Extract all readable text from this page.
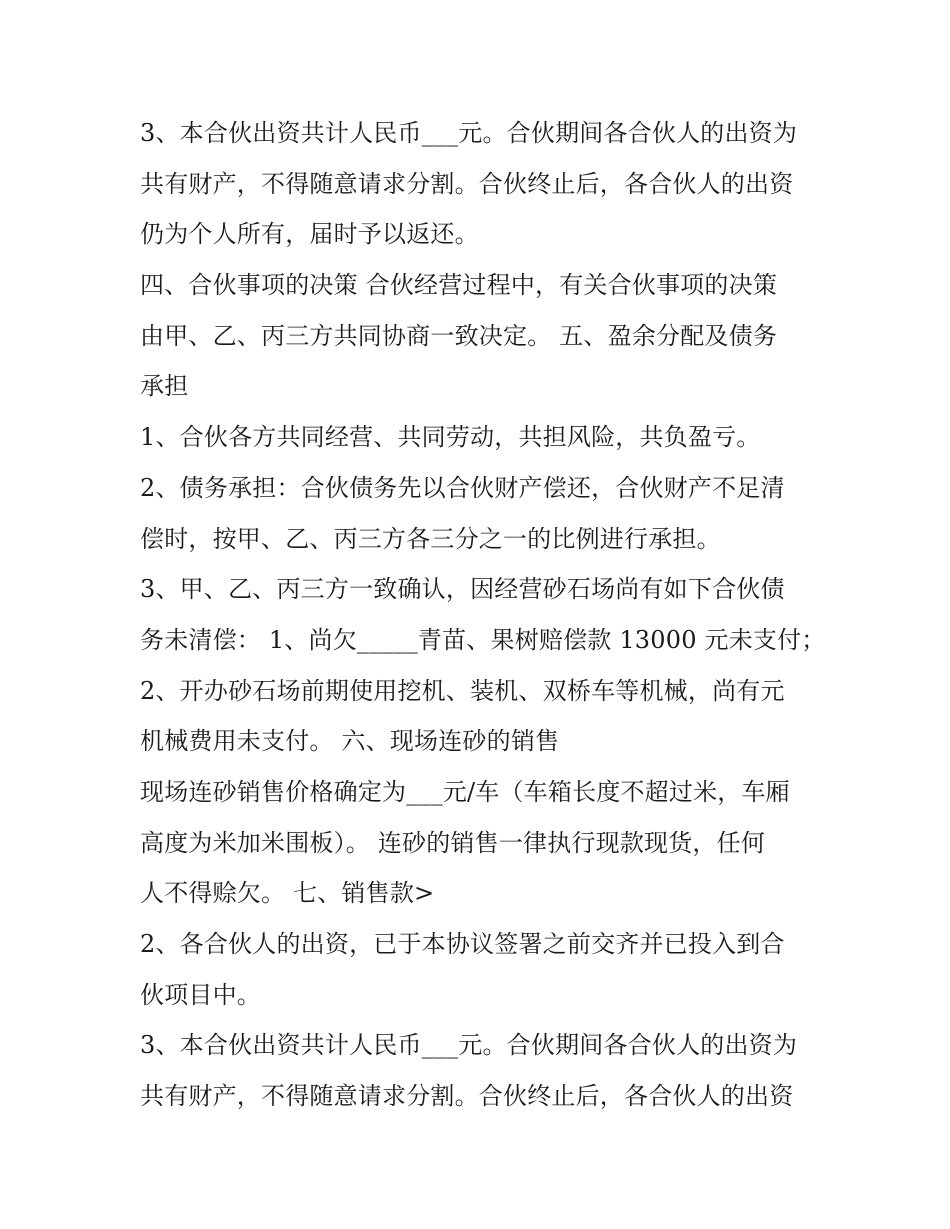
3、本合伙出资共计人民币___元。合伙期间各合伙人的出资为
共有财产，不得随意请求分割。合伙终止后，各合伙人的出资
仍为个人所有，届时予以返还。

四、合伙事项的决策 合伙经营过程中，有关合伙事项的决策
由甲、乙、丙三方共同协商一致决定。 五、盈余分配及债务
承担

1、合伙各方共同经营、共同劳动，共担风险，共负盈亏。

2、债务承担：合伙债务先以合伙财产偿还，合伙财产不足清
偿时，按甲、乙、丙三方各三分之一的比例进行承担。

3、甲、乙、丙三方一致确认，因经营砂石场尚有如下合伙债
务未清偿： 1、尚欠_____青苗、果树赔偿款 13000 元未支付；
2、开办砂石场前期使用挖机、装机、双桥车等机械，尚有元
机械费用未支付。 六、现场连砂的销售

现场连砂销售价格确定为___元/车（车箱长度不超过米，车厢
高度为米加米围板）。 连砂的销售一律执行现款现货，任何
人不得赊欠。 七、销售款>

2、各合伙人的出资，已于本协议签署之前交齐并已投入到合
伙项目中。

3、本合伙出资共计人民币___元。合伙期间各合伙人的出资为
共有财产，不得随意请求分割。合伙终止后，各合伙人的出资
